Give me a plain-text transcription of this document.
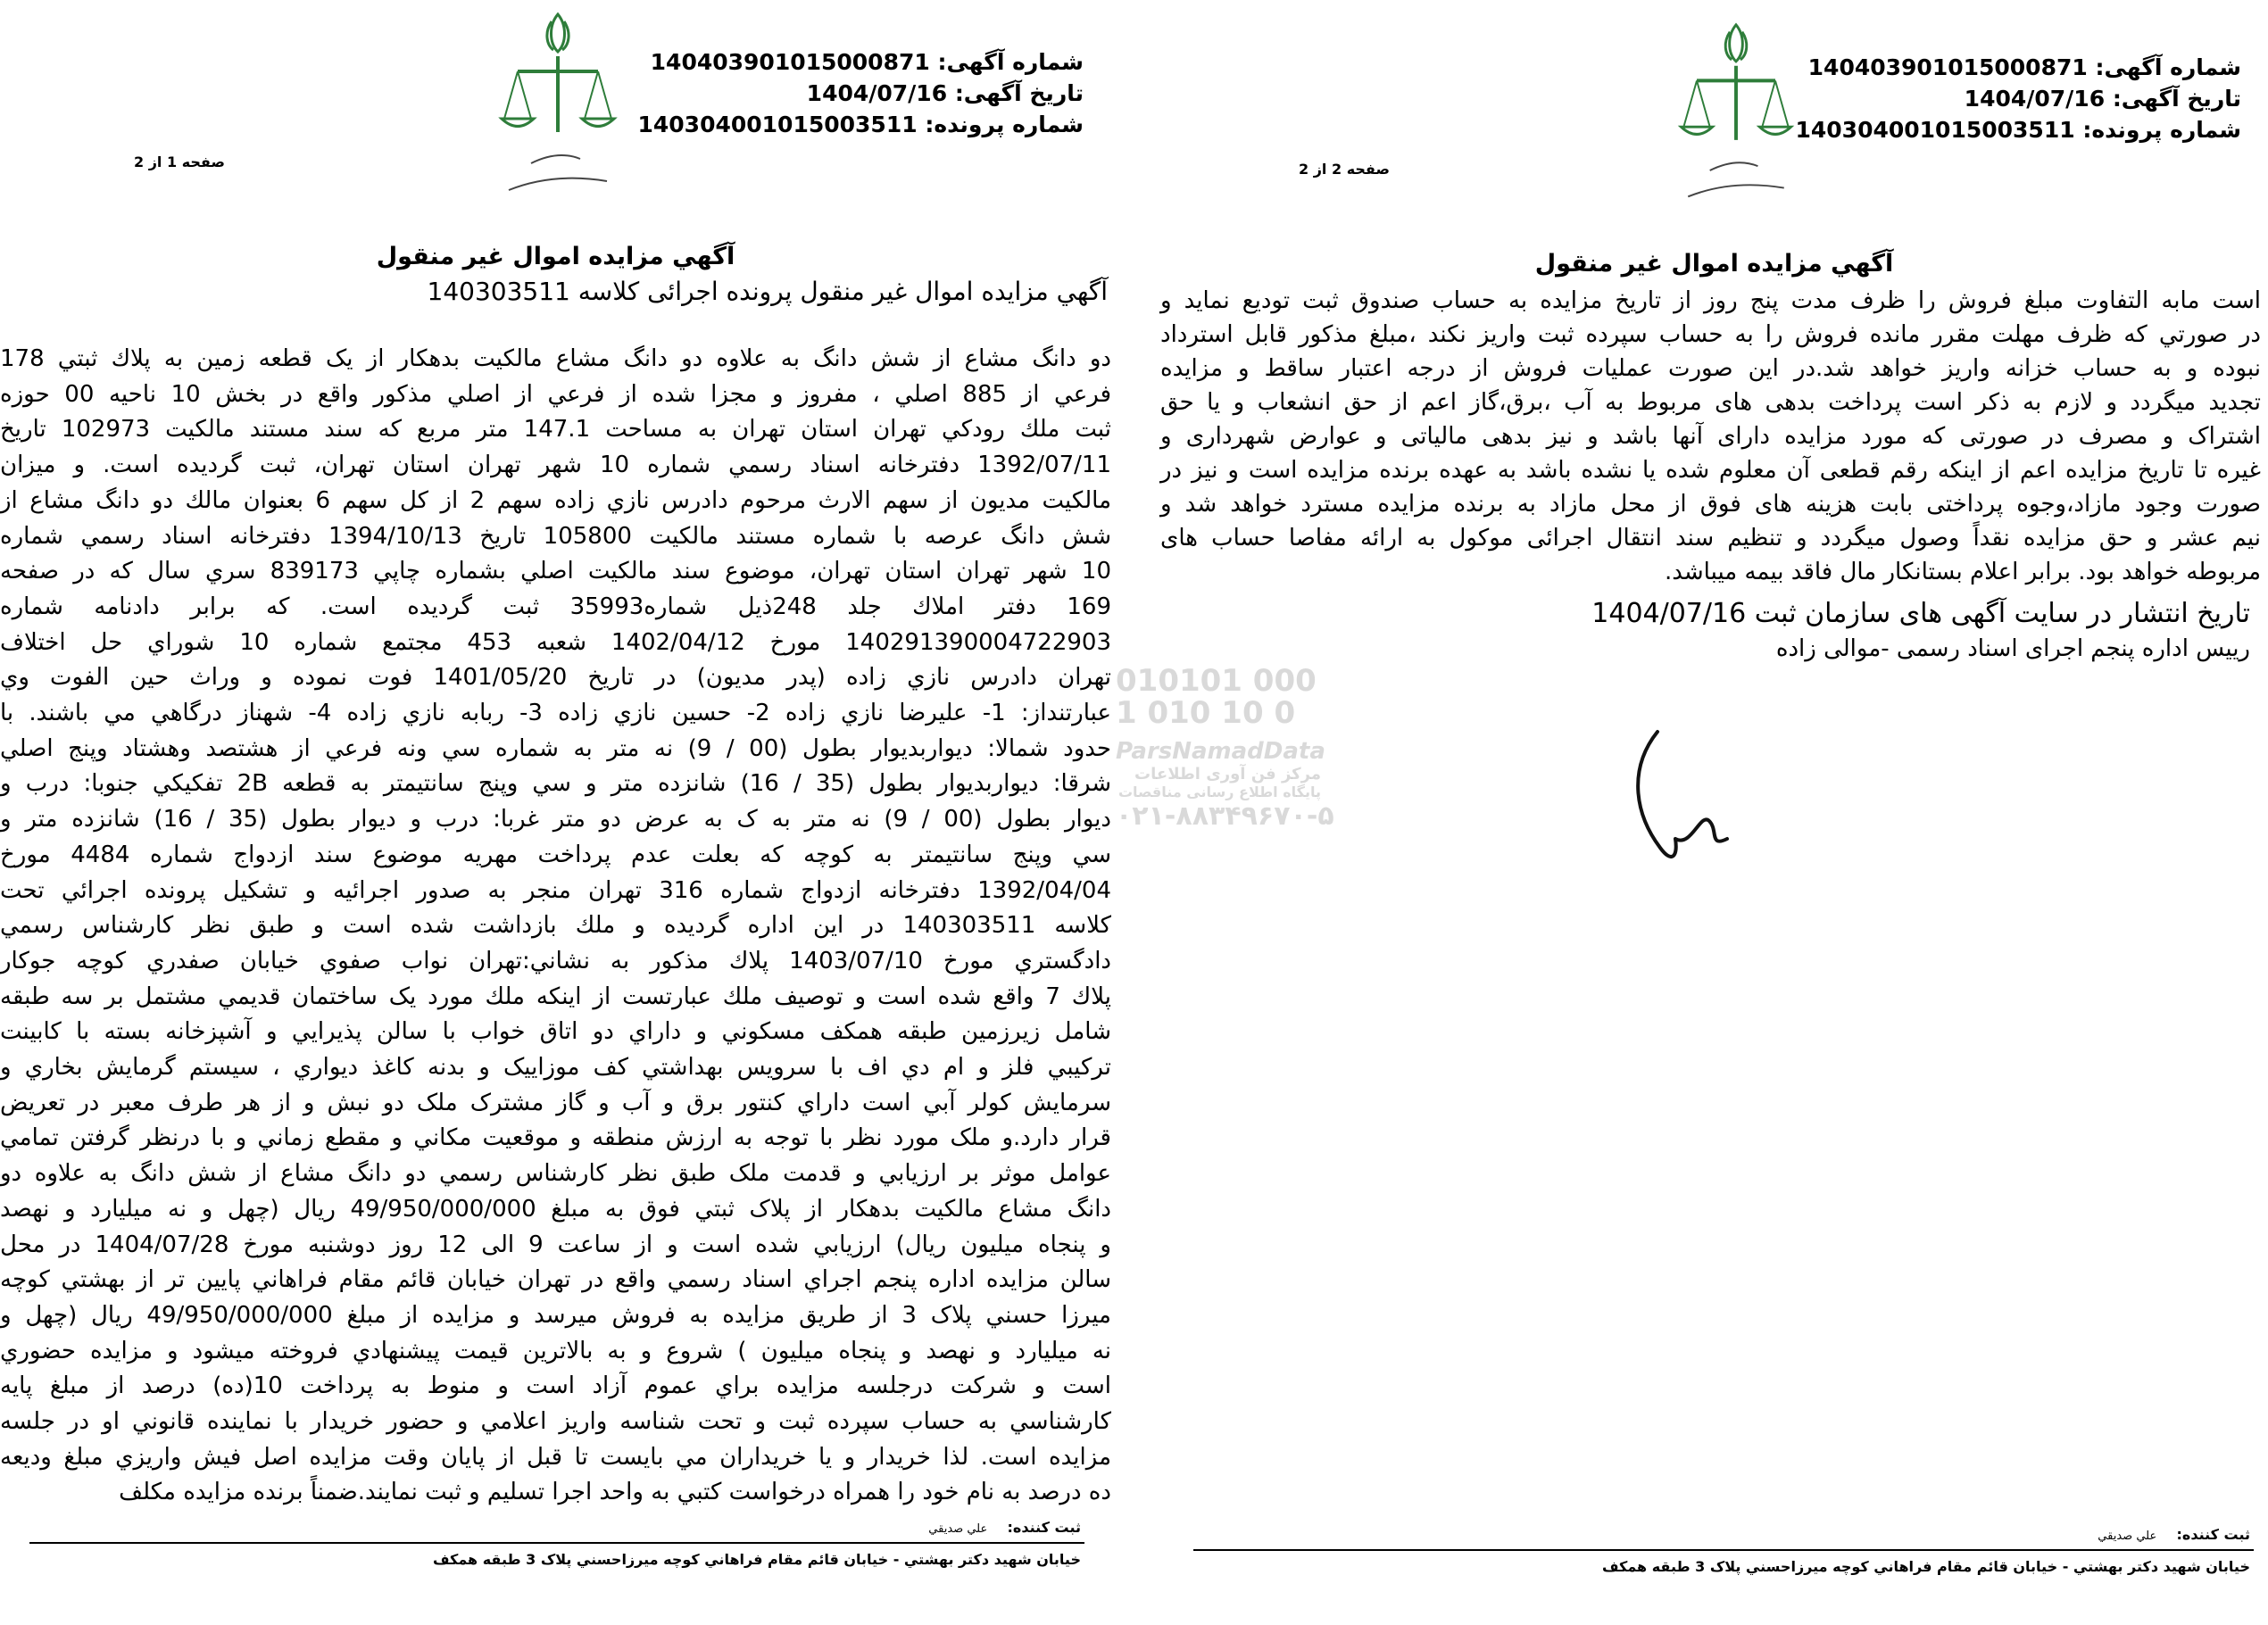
شماره آگهی: 140403901015000871
تاریخ آگهی: 1404/07/16
شماره پرونده: 140304001015003511
صفحه 1 از 2
آگهي مزايده اموال غير منقول
آگهي مزايده اموال غير منقول پرونده اجرائی كلاسه 140303511
دو دانگ مشاع از شش دانگ به علاوه دو دانگ مشاع مالكيت بدهكار از يک قطعه زمين به پلاك ثبتي 178
فرعي از 885 اصلي ، مفروز و مجزا شده از فرعي از اصلي مذكور واقع در بخش 10 ناحيه 00 حوزه
ثبت ملك رودكي تهران استان تهران به مساحت 147.1 متر مربع كه سند مستند مالكيت 102973 تاريخ
1392/07/11 دفترخانه اسناد رسمي شماره 10 شهر تهران استان تهران، ثبت گرديده است. و ميزان
مالكيت مديون از سهم الارث مرحوم دادرس نازي زاده سهم 2 از كل سهم 6 بعنوان مالك دو دانگ مشاع از
شش دانگ عرصه با شماره مستند مالكيت 105800 تاريخ 1394/10/13 دفترخانه اسناد رسمي شماره
10 شهر تهران استان تهران، موضوع سند مالكيت اصلي بشماره چاپي 839173 سري سال كه در صفحه
169 دفتر املاك جلد 248ذيل شماره35993 ثبت گرديده است. كه برابر دادنامه شماره
140291390004722903 مورخ 1402/04/12 شعبه 453 مجتمع شماره 10 شوراي حل اختلاف
تهران دادرس نازي زاده (پدر مديون) در تاريخ 1401/05/20 فوت نموده و وراث حين الفوت وي
عبارتنداز: 1- عليرضا نازي زاده 2- حسين نازي زاده 3- ربابه نازي زاده 4- شهناز درگاهي مي باشند. با
حدود شمالا: ديواربديوار بطول (00 / 9) نه متر به شماره سي ونه فرعي از هشتصد وهشتاد وپنج اصلي
شرقا: ديواربديوار بطول (35 / 16) شانزده متر و سي وپنج سانتيمتر به قطعه 2B تفكيكي جنوبا: درب و
ديوار بطول (00 / 9) نه متر به ک به عرض دو متر غربا: درب و ديوار بطول (35 / 16) شانزده متر و
سي وپنج سانتيمتر به كوچه كه بعلت عدم پرداخت مهريه موضوع سند ازدواج شماره 4484 مورخ
1392/04/04 دفترخانه ازدواج شماره 316 تهران منجر به صدور اجرائيه و تشكيل پرونده اجرائي تحت
كلاسه 140303511 در اين اداره گرديده و ملك بازداشت شده است و طبق نظر كارشناس رسمي
دادگستري مورخ 1403/07/10 پلاك مذكور به نشاني:تهران نواب صفوي خيابان صفدري كوچه جوكار
پلاك 7 واقع شده است و توصيف ملك عبارتست از اينكه ملك مورد يک ساختمان قديمي مشتمل بر سه طبقه
شامل زيرزمين طبقه همكف مسكوني و داراي دو اتاق خواب با سالن پذيرايي و آشپزخانه بسته با كابينت
تركيبي فلز و ام دي اف با سرويس بهداشتي كف موزاييک و بدنه كاغذ ديواري ، سيستم گرمايش بخاري و
سرمايش كولر آبي است داراي كنتور برق و آب و گاز مشترک ملک دو نبش و از هر طرف معبر در تعريض
قرار دارد.و ملک مورد نظر با توجه به ارزش منطقه و موقعيت مكاني و مقطع زماني و با درنظر گرفتن تمامي
عوامل موثر بر ارزيابي و قدمت ملک طبق نظر كارشناس رسمي دو دانگ مشاع از شش دانگ به علاوه دو
دانگ مشاع مالكيت بدهكار از پلاک ثبتي فوق به مبلغ 49/950/000/000 ريال (چهل و نه ميليارد و نهصد
و پنجاه ميليون ريال) ارزيابي شده است و از ساعت 9 الی 12 روز دوشنبه مورخ 1404/07/28 در محل
سالن مزايده اداره پنجم اجراي اسناد رسمي واقع در تهران خيابان قائم مقام فراهاني پايين تر از بهشتي كوچه
ميرزا حسني پلاک 3 از طريق مزايده به فروش ميرسد و مزايده از مبلغ 49/950/000/000 ريال (چهل و
نه ميليارد و نهصد و پنجاه ميليون ) شروع و به بالاترين قيمت پيشنهادي فروخته ميشود و مزايده حضوري
است و شركت درجلسه مزايده براي عموم آزاد است و منوط به پرداخت 10(ده) درصد از مبلغ پايه
كارشناسي به حساب سپرده ثبت و تحت شناسه واريز اعلامي و حضور خريدار با نماينده قانوني او در جلسه
مزايده است. لذا خريدار و يا خريداران مي بايست تا قبل از پايان وقت مزايده اصل فيش واريزي مبلغ وديعه
ده درصد به نام خود را همراه درخواست كتبي به واحد اجرا تسليم و ثبت نمايند.ضمناً برنده مزايده مكلف
ثبت كننده:    علي صديقي
خيابان شهيد دكتر بهشتي - خيابان قائم مقام فراهاني كوچه ميرزاحسني پلاک 3 طبقه همكف
شماره آگهی: 140403901015000871
تاریخ آگهی: 1404/07/16
شماره پرونده: 140304001015003511
صفحه 2 از 2
آگهي مزايده اموال غير منقول
است مابه التفاوت مبلغ فروش را ظرف مدت پنج روز از تاريخ مزايده به حساب صندوق ثبت توديع نمايد و
در صورتي كه ظرف مهلت مقرر مانده فروش را به حساب سپرده ثبت واريز نكند ،مبلغ مذكور قابل استرداد
نبوده و به حساب خزانه واريز خواهد شد.در اين صورت عمليات فروش از درجه اعتبار ساقط و مزايده
تجديد ميگردد و لازم به ذكر است پرداخت بدهی های مربوط به آب ،برق،گاز اعم از حق انشعاب و يا حق
اشتراک و مصرف در صورتی كه مورد مزايده دارای آنها باشد و نيز بدهی مالياتی و عوارض شهرداری و
غيره تا تاريخ مزايده اعم از اينكه رقم قطعی آن معلوم شده يا نشده باشد به عهده برنده مزايده است و نيز در
صورت وجود مازاد،وجوه پرداختی بابت هزينه های فوق از محل مازاد به برنده مزايده مسترد خواهد شد و
نيم عشر و حق مزايده نقداً وصول ميگردد و تنظيم سند انتقال اجرائی موكول به ارائه مفاصا حساب های
مربوطه خواهد بود. برابر اعلام بستانكار مال فاقد بيمه ميباشد.
تاريخ انتشار در سايت آگهی های سازمان ثبت 1404/07/16
رييس اداره پنجم اجرای اسناد رسمی -موالی زاده
ثبت كننده:    علي صديقي
خيابان شهيد دكتر بهشتي - خيابان قائم مقام فراهاني كوچه ميرزاحسني پلاک 3 طبقه همكف
010101 0001 010 10 0
ParsNamadData
مرکز فن آوری اطلاعات
پایگاه اطلاع رسانی مناقصات
۰۲۱-۸۸۳۴۹۶۷۰-۵
